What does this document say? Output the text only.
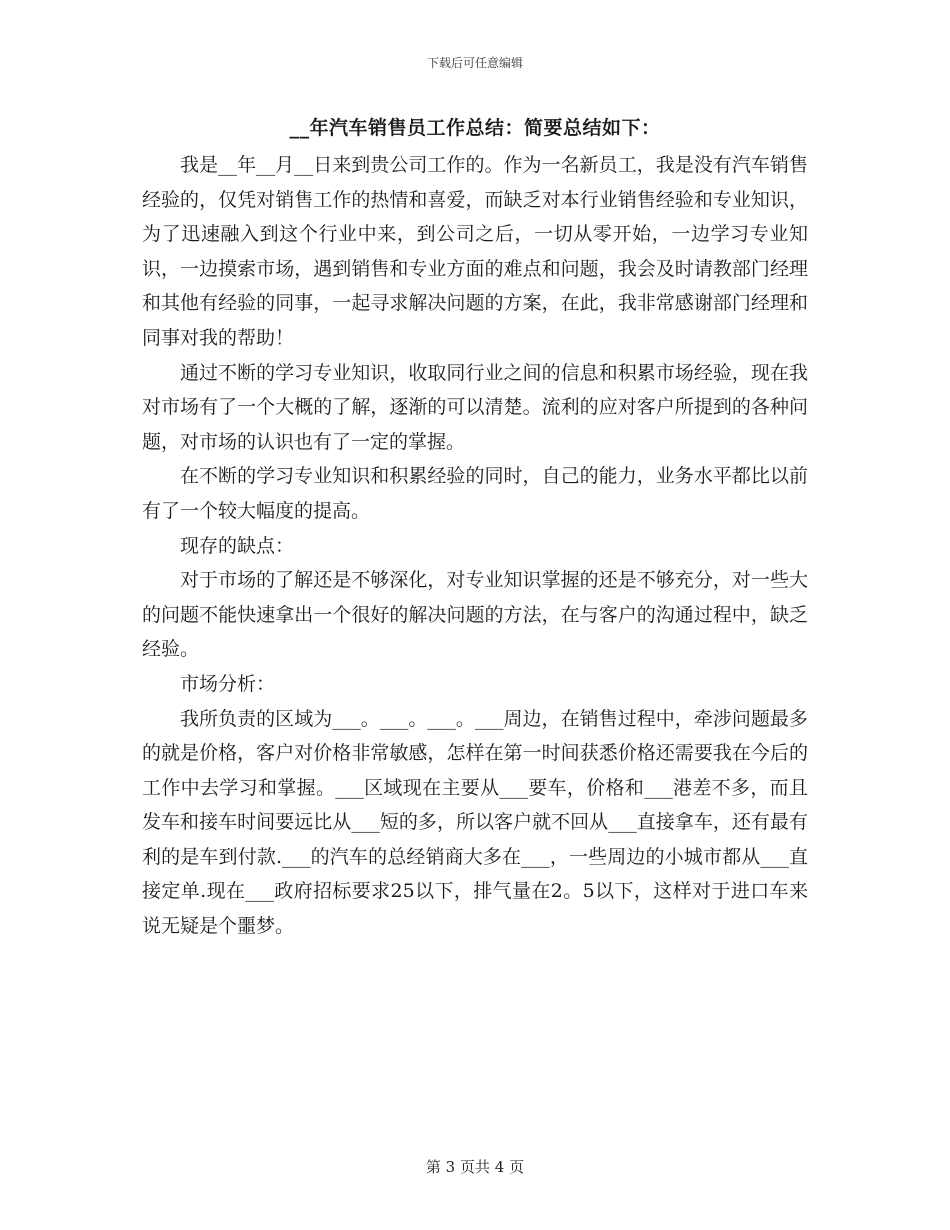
下载后可任意编辑
__年汽车销售员工作总结：简要总结如下：

我是__年__月__日来到贵公司工作的。作为一名新员工，我是没有汽车销售经验的，仅凭对销售工作的热情和喜爱，而缺乏对本行业销售经验和专业知识，为了迅速融入到这个行业中来，到公司之后，一切从零开始，一边学习专业知识，一边摸索市场，遇到销售和专业方面的难点和问题，我会及时请教部门经理和其他有经验的同事，一起寻求解决问题的方案，在此，我非常感谢部门经理和同事对我的帮助！

通过不断的学习专业知识，收取同行业之间的信息和积累市场经验，现在我对市场有了一个大概的了解，逐渐的可以清楚。流利的应对客户所提到的各种问题，对市场的认识也有了一定的掌握。

在不断的学习专业知识和积累经验的同时，自己的能力，业务水平都比以前有了一个较大幅度的提高。

现存的缺点：

对于市场的了解还是不够深化，对专业知识掌握的还是不够充分，对一些大的问题不能快速拿出一个很好的解决问题的方法，在与客户的沟通过程中，缺乏经验。

市场分析：

我所负责的区域为___。___。___。___周边，在销售过程中，牵涉问题最多的就是价格，客户对价格非常敏感，怎样在第一时间获悉价格还需要我在今后的工作中去学习和掌握。___区域现在主要从___要车，价格和___港差不多，而且发车和接车时间要远比从___短的多，所以客户就不回从___直接拿车，还有最有利的是车到付款.___的汽车的总经销商大多在___，一些周边的小城市都从___直接定单.现在___政府招标要求25以下，排气量在2。5以下，这样对于进口车来说无疑是个噩梦。

第 3 页共 4 页
